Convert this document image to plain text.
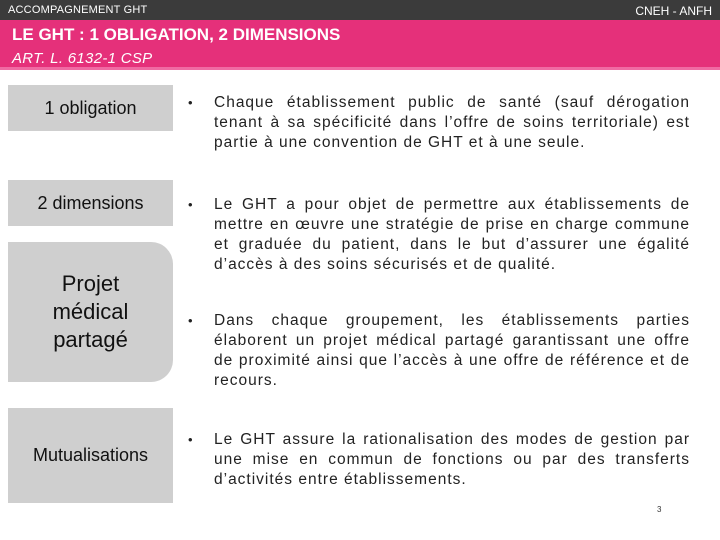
ACCOMPAGNEMENT GHT	CNEH - ANFH
LE GHT : 1 OBLIGATION, 2 DIMENSIONS
ART. L. 6132-1 CSP
1 obligation
2 dimensions
Projet médical partagé
Mutualisations
• Chaque établissement public de santé (sauf dérogation tenant à sa spécificité dans l’offre de soins territoriale) est partie à une convention de GHT et à une seule.
• Le GHT a pour objet de permettre aux établissements de mettre en œuvre une stratégie de prise en charge commune et graduée du patient, dans le but d’assurer une égalité d’accès à des soins sécurisés et de qualité.
• Dans chaque groupement, les établissements parties élaborent un projet médical partagé garantissant une offre de proximité ainsi que l’accès à une offre de référence et de recours.
• Le GHT assure la rationalisation des modes de gestion par une mise en commun de fonctions ou par des transferts d’activités entre établissements.
3
